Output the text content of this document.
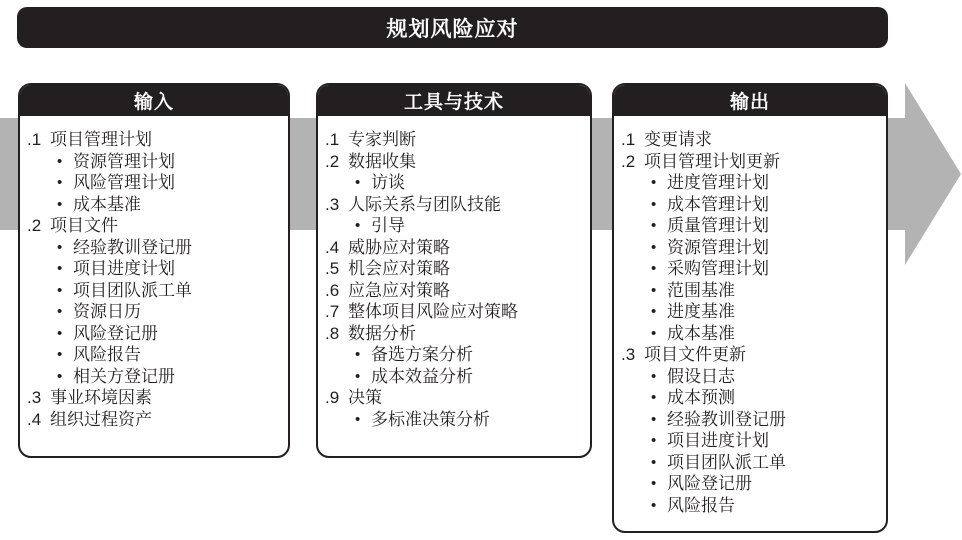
规划风险应对
输入
.1 项目管理计划
• 资源管理计划
• 风险管理计划
• 成本基准
.2 项目文件
• 经验教训登记册
• 项目进度计划
• 项目团队派工单
• 资源日历
• 风险登记册
• 风险报告
• 相关方登记册
.3 事业环境因素
.4 组织过程资产
工具与技术
.1 专家判断
.2 数据收集
• 访谈
.3 人际关系与团队技能
• 引导
.4 威胁应对策略
.5 机会应对策略
.6 应急应对策略
.7 整体项目风险应对策略
.8 数据分析
• 备选方案分析
• 成本效益分析
.9 决策
• 多标准决策分析
输出
.1 变更请求
.2 项目管理计划更新
• 进度管理计划
• 成本管理计划
• 质量管理计划
• 资源管理计划
• 采购管理计划
• 范围基准
• 进度基准
• 成本基准
.3 项目文件更新
• 假设日志
• 成本预测
• 经验教训登记册
• 项目进度计划
• 项目团队派工单
• 风险登记册
• 风险报告
